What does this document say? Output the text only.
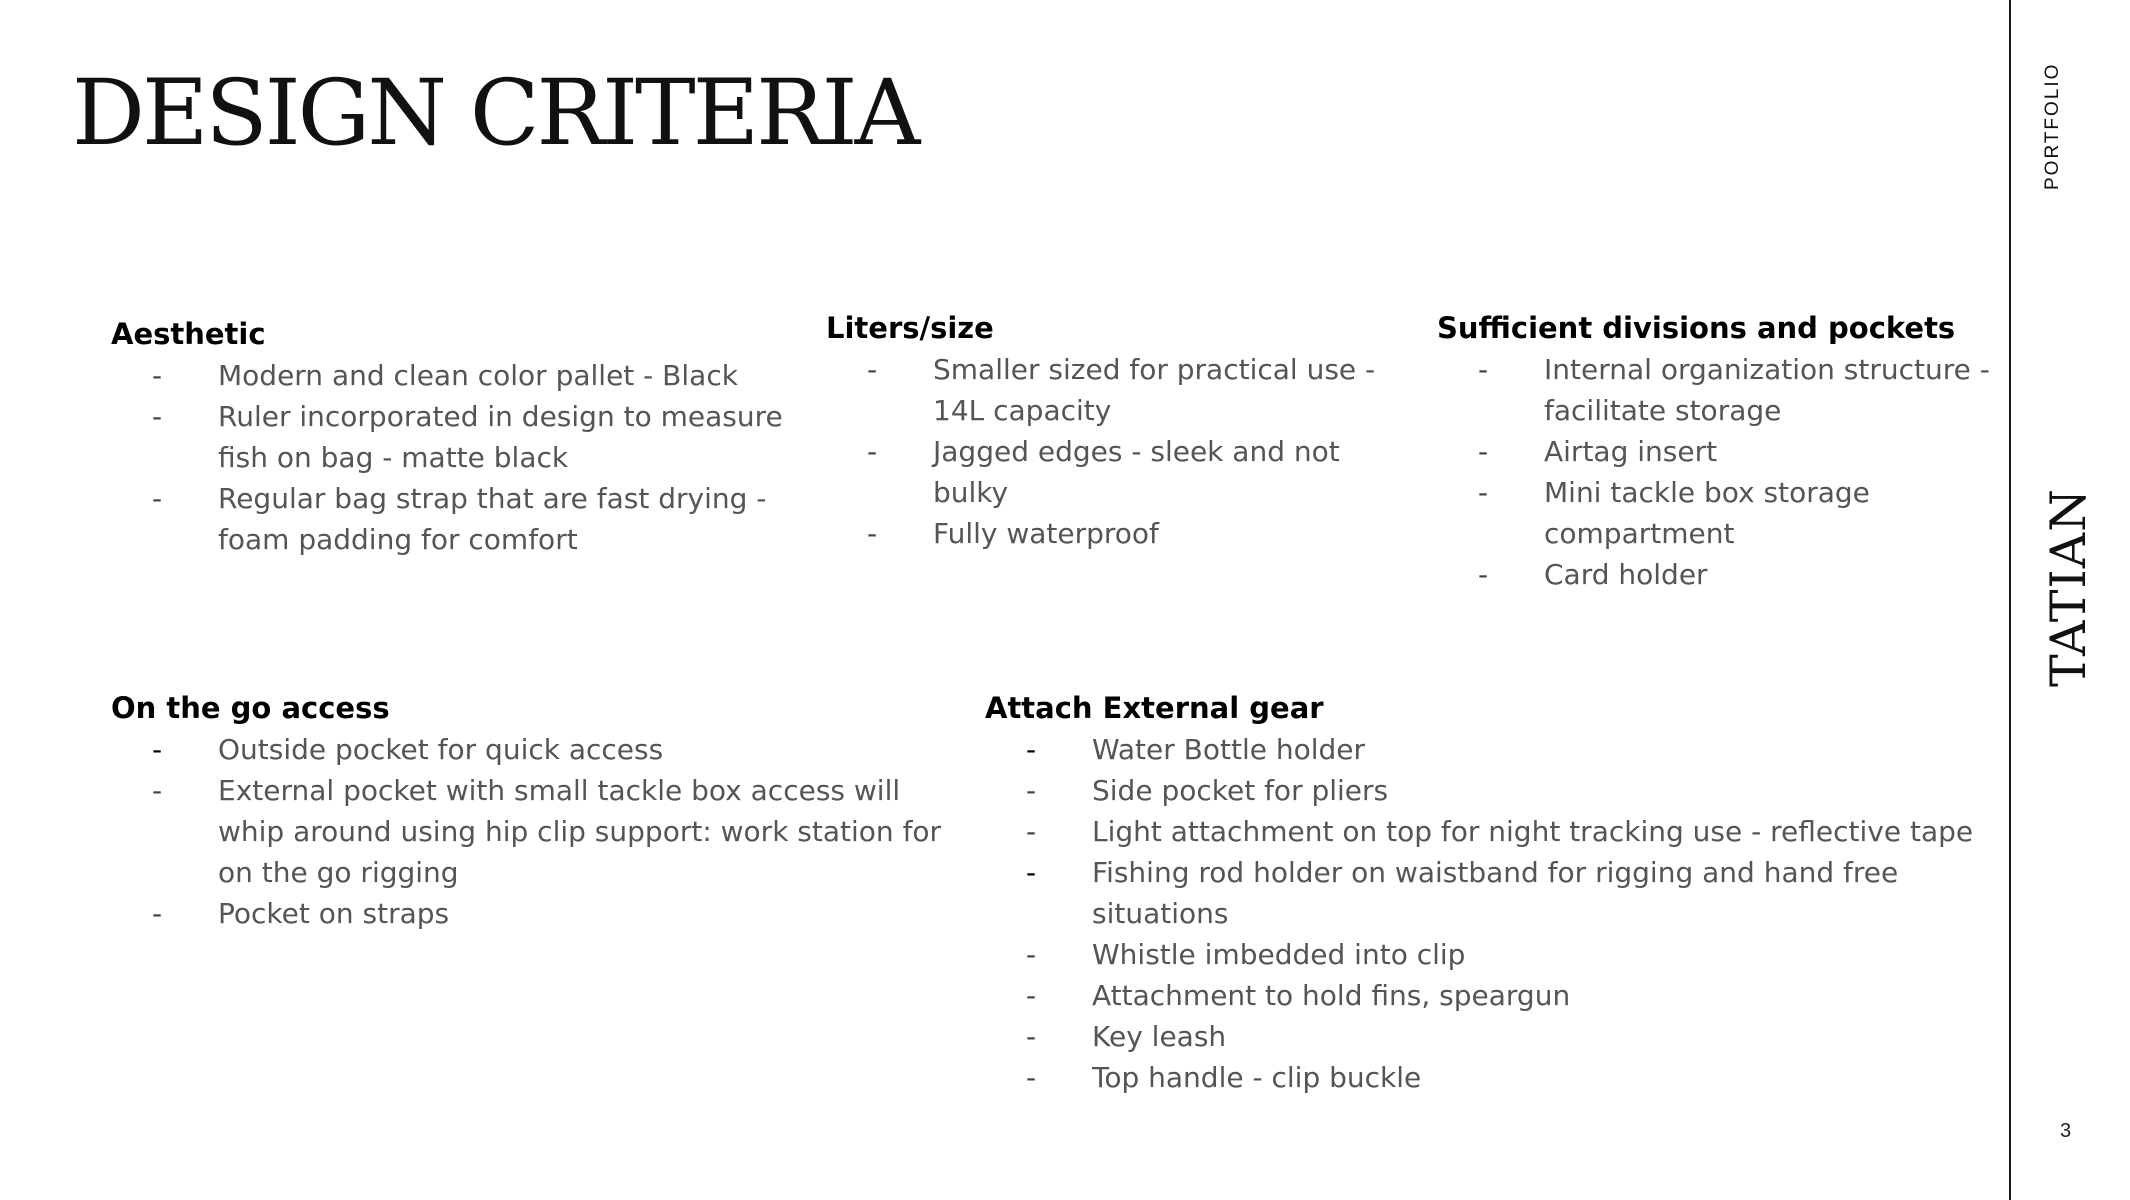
DESIGN CRITERIA
Aesthetic
- Modern and clean color pallet - Black
- Ruler incorporated in design to measure fish on bag - matte black
- Regular bag strap that are fast drying - foam padding for comfort
Liters/size
- Smaller sized for practical use - 14L capacity
- Jagged edges - sleek and not bulky
- Fully waterproof
Sufficient divisions and pockets
- Internal organization structure - facilitate storage
- Airtag insert
- Mini tackle box storage compartment
- Card holder
On the go access
- Outside pocket for quick access
- External pocket with small tackle box access will whip around using hip clip support: work station for on the go rigging
- Pocket on straps
Attach External gear
- Water Bottle holder
- Side pocket for pliers
- Light attachment on top for night tracking use - reflective tape
- Fishing rod holder on waistband for rigging and hand free situations
- Whistle imbedded into clip
- Attachment to hold fins, speargun
- Key leash
- Top handle - clip buckle
PORTFOLIO
TATIAN
3
